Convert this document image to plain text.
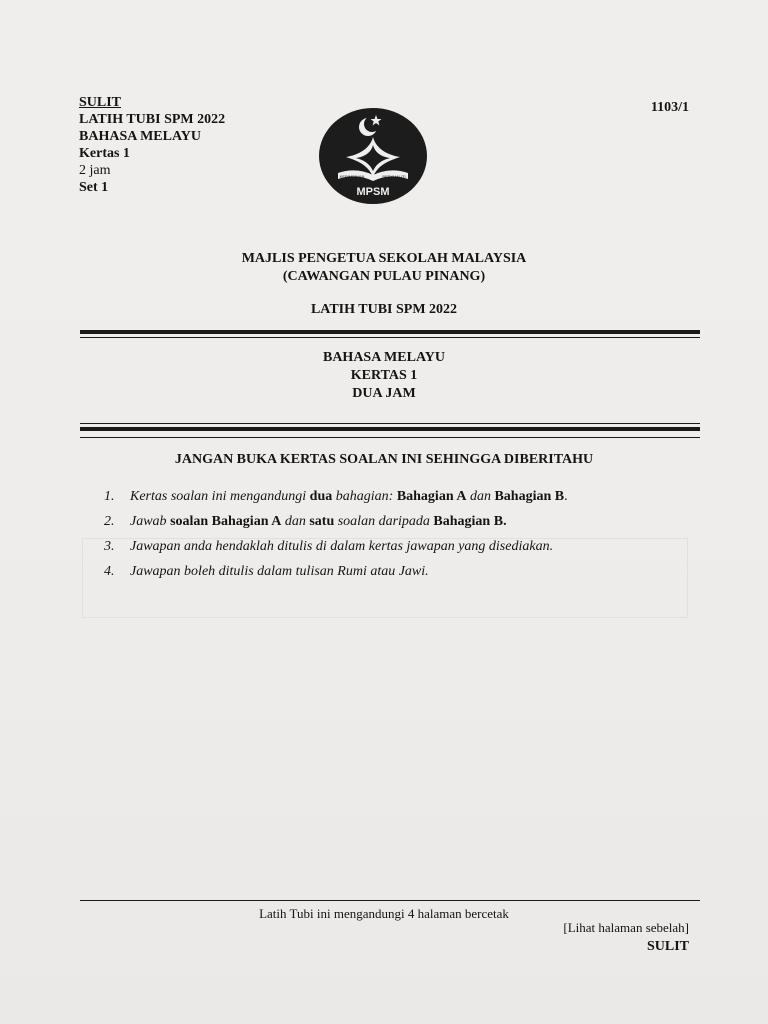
SULIT
LATIH TUBI SPM 2022
BAHASA MELAYU
Kertas 1
2 jam
Set 1
1103/1
KEPIMPINAN	BERKUALITI
MPSM
MAJLIS PENGETUA SEKOLAH MALAYSIA
(CAWANGAN PULAU PINANG)
LATIH TUBI SPM 2022
BAHASA MELAYU
KERTAS 1
DUA JAM
JANGAN BUKA KERTAS SOALAN INI SEHINGGA DIBERITAHU
1.	Kertas soalan ini mengandungi dua bahagian: Bahagian A dan Bahagian B.
2.	Jawab soalan Bahagian A dan satu soalan daripada Bahagian B.
3.	Jawapan anda hendaklah ditulis di dalam kertas jawapan yang disediakan.
4.	Jawapan boleh ditulis dalam tulisan Rumi atau Jawi.
Latih Tubi ini mengandungi 4 halaman bercetak
[Lihat halaman sebelah]
SULIT
